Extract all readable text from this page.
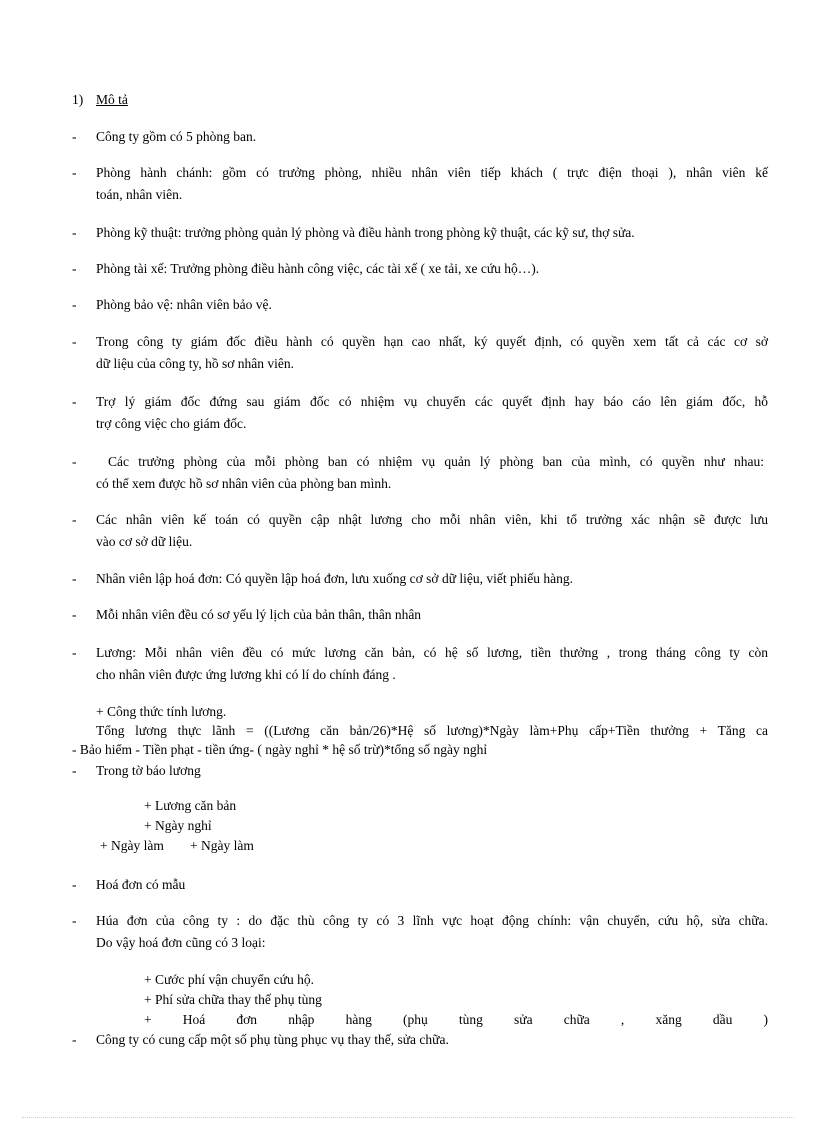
1) Mô tả
- Công ty gồm có 5 phòng ban.
- Phòng hành chánh: gồm có trưởng phòng, nhiều nhân viên tiếp khách ( trực điện thoại ), nhân viên kế
toán, nhân viên.
- Phòng kỹ thuật: trưởng phòng quản lý phòng và điều hành trong phòng kỹ thuật, các kỹ sư, thợ sửa.
- Phòng tài xế: Trưởng phòng điều hành công việc, các tài xế ( xe tải, xe cứu hộ…).
- Phòng bảo vệ: nhân viên bảo vệ.
- Trong công ty giám đốc điều hành có quyền hạn cao nhất, ký quyết định, có quyền xem tất cả các cơ sở
dữ liệu của công ty, hồ sơ nhân viên.
- Trợ lý giám đốc đứng sau giám đốc có nhiệm vụ chuyển các quyết định hay báo cáo lên giám đốc, hỗ
trợ công việc cho giám đốc.
- Các trưởng phòng của mỗi phòng ban có nhiệm vụ quản lý phòng ban của mình, có quyền như nhau:
có thể xem được hồ sơ nhân viên của phòng ban mình.
- Các nhân viên kế toán có quyền cập nhật lương cho mỗi nhân viên, khi tổ trưởng xác nhận sẽ được lưu
vào cơ sở dữ liệu.
- Nhân viên lập hoá đơn: Có quyền lập hoá đơn, lưu xuống cơ sở dữ liệu, viết phiếu hàng.
- Mỗi nhân viên đều có sơ yếu lý lịch của bản thân, thân nhân
- Lương: Mỗi nhân viên đều có mức lương căn bản, có hệ số lương, tiền thưởng , trong tháng công ty còn
cho nhân viên được ứng lương khi có lí do chính đáng .
+ Công thức tính lương.
Tổng lương thực lãnh = ((Lương căn bản/26)*Hệ số lương)*Ngày làm+Phụ cấp+Tiền thưởng + Tăng ca
- Bảo hiểm - Tiền phạt - tiền ứng- ( ngày nghỉ * hệ số trừ)*tổng số ngày nghỉ
- Trong tờ báo lương
+ Lương căn bản
+ Ngày nghỉ
+ Ngày làm + Ngày làm
- Hoá đơn có mẫu
- Húa đơn của công ty : do đặc thù công ty có 3 lĩnh vực hoạt động chính: vận chuyển, cứu hộ, sửa chữa.
Do vậy hoá đơn cũng có 3 loại:
+ Cước phí vận chuyển cứu hộ.
+ Phí sửa chữa thay thế phụ tùng
+ Hoá đơn nhập hàng (phụ tùng sửa chữa , xăng dầu )
- Công ty có cung cấp một số phụ tùng phục vụ thay thế, sửa chữa.
